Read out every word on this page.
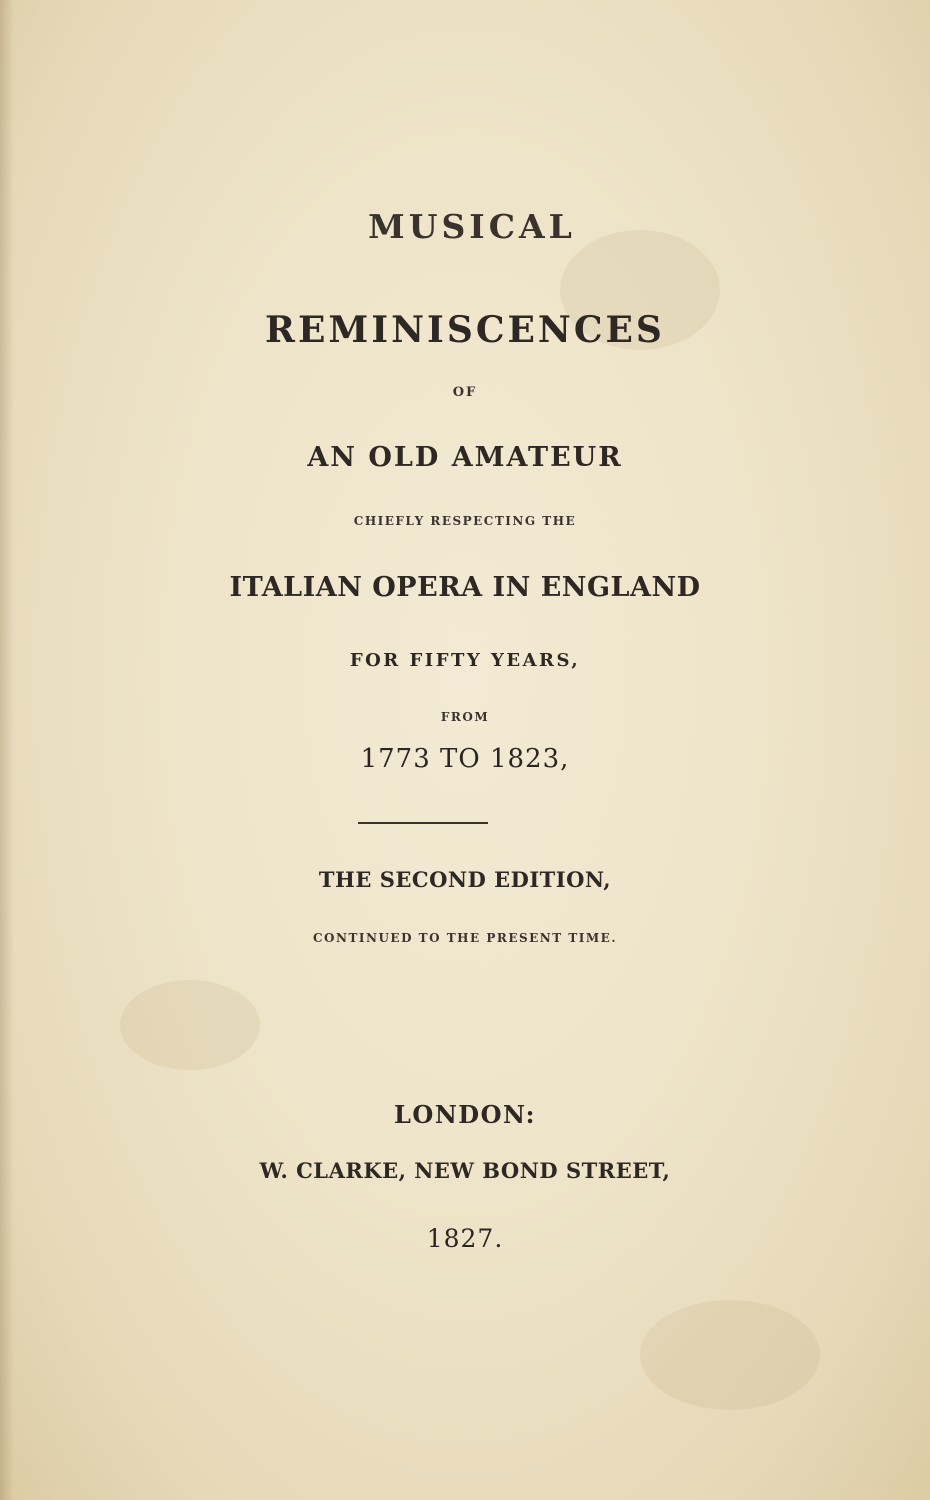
MUSICAL
REMINISCENCES
OF
AN OLD AMATEUR
CHIEFLY RESPECTING THE
ITALIAN OPERA IN ENGLAND
FOR FIFTY YEARS,
FROM
1773 TO 1823,
THE SECOND EDITION,
CONTINUED TO THE PRESENT TIME.
LONDON:
W. CLARKE, NEW BOND STREET,
1827.
